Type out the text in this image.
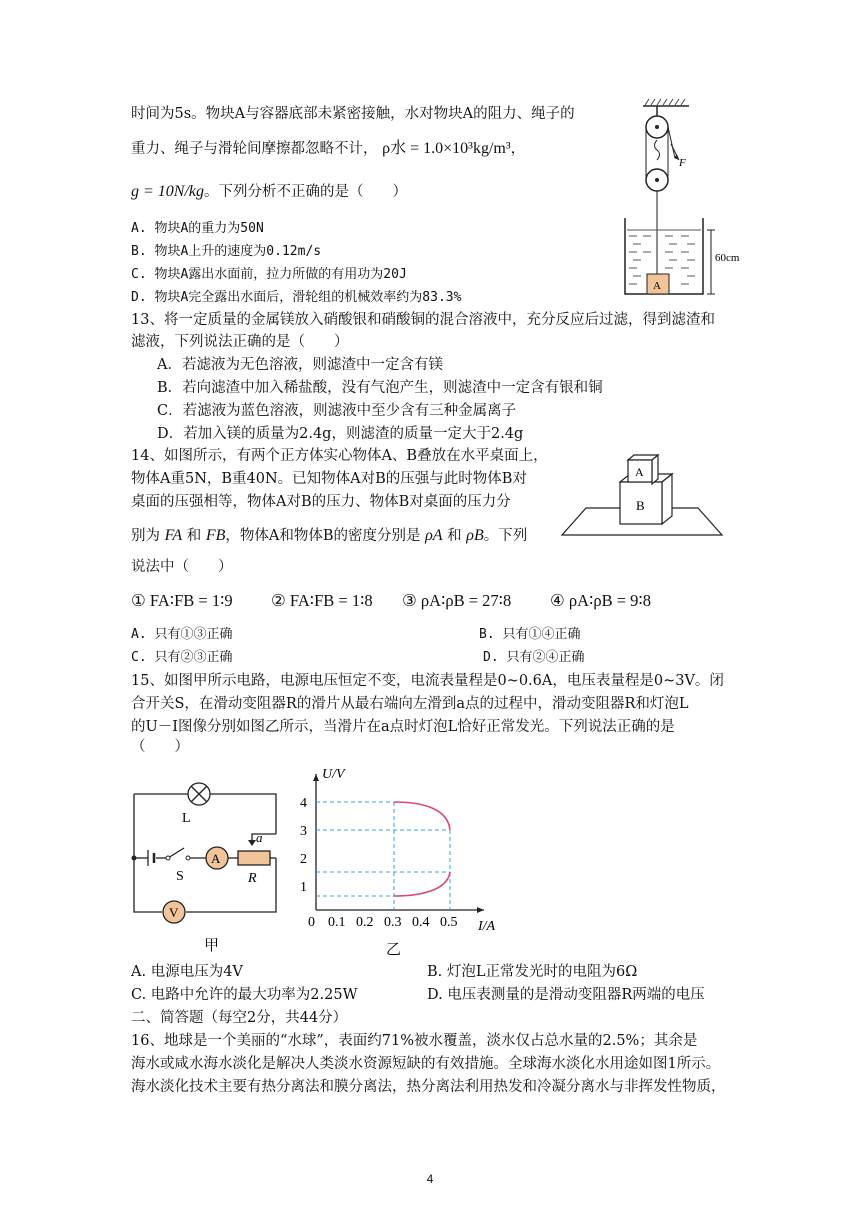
时间为5s。物块A与容器底部未紧密接触，水对物块A的阻力、绳子的
重力、绳子与滑轮间摩擦都忽略不计， ρ水 = 1.0×10³kg/m³，
g = 10N/kg。下列分析不正确的是（　　）
A. 物块A的重力为50N
B. 物块A上升的速度为0.12m/s
C. 物块A露出水面前，拉力所做的有用功为20J
D. 物块A完全露出水面后，滑轮组的机械效率约为83.3%
F
A
60cm
13、将一定质量的金属镁放入硝酸银和硝酸铜的混合溶液中，充分反应后过滤，得到滤渣和
滤液，下列说法正确的是（　　）
A．若滤液为无色溶液，则滤渣中一定含有镁
B．若向滤渣中加入稀盐酸，没有气泡产生，则滤渣中一定含有银和铜
C．若滤液为蓝色溶液，则滤液中至少含有三种金属离子
D．若加入镁的质量为2.4g，则滤渣的质量一定大于2.4g
14、如图所示，有两个正方体实心物体A、B叠放在水平桌面上，
物体A重5N，B重40N。已知物体A对B的压强与此时物体B对
桌面的压强相等，物体A对B的压力、物体B对桌面的压力分
别为 FA 和 FB，物体A和物体B的密度分别是 ρA 和 ρB。下列
说法中（　　）
① FA∶FB = 1∶9 ② FA∶FB = 1∶8 ③ ρA∶ρB = 27∶8 ④ ρA∶ρB = 9∶8
A. 只有①③正确	B. 只有①④正确
C. 只有②③正确	D. 只有②④正确
B
A
15、如图甲所示电路，电源电压恒定不变，电流表量程是0~0.6A，电压表量程是0~3V。闭
合开关S，在滑动变阻器R的滑片从最右端向左滑到a点的过程中，滑动变阻器R和灯泡L
的U－I图像分别如图乙所示，当滑片在a点时灯泡L恰好正常发光。下列说法正确的是
（　　）
L
S
A
a
R
V
甲
U/V
I/A
4
3
2
1
0 0.1 0.2 0.3 0.4 0.5
乙
A. 电源电压为4V	B. 灯泡L正常发光时的电阻为6Ω
C. 电路中允许的最大功率为2.25W	D. 电压表测量的是滑动变阻器R两端的电压
二、简答题（每空2分，共44分）
16、地球是一个美丽的“水球”，表面约71%被水覆盖，淡水仅占总水量的2.5%；其余是
海水或咸水海水淡化是解决人类淡水资源短缺的有效措施。全球海水淡化水用途如图1所示。
海水淡化技术主要有热分离法和膜分离法，热分离法利用热发和冷凝分离水与非挥发性物质，
4
